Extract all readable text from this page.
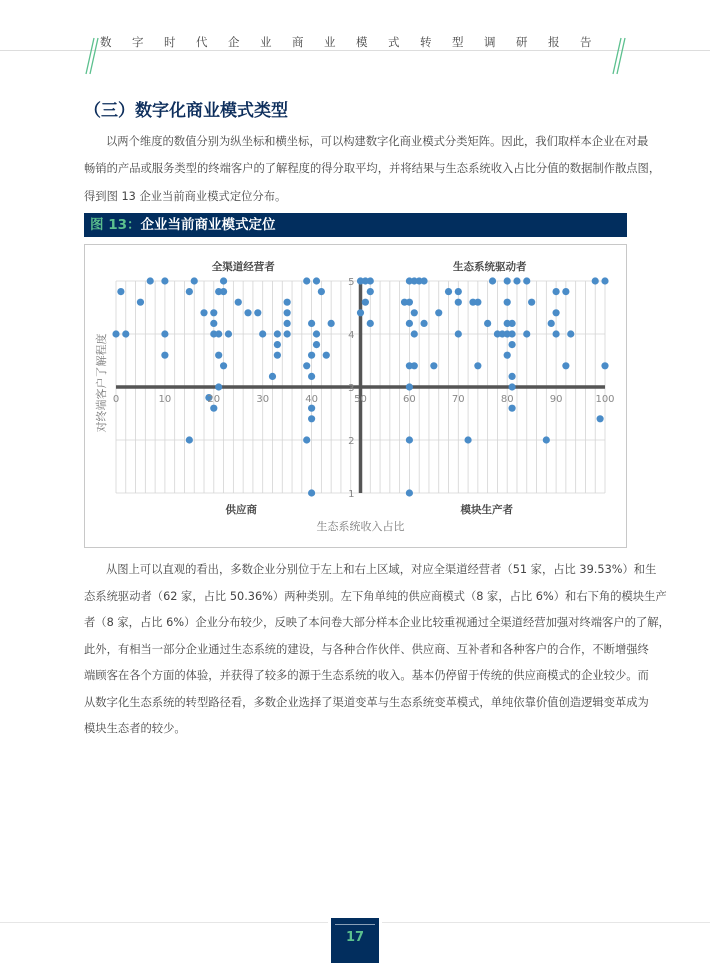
数字时代企业商业模式转型调研报告
（三）数字化商业模式类型
以两个维度的数值分别为纵坐标和横坐标，可以构建数字化商业模式分类矩阵。因此，我们取样本企业在对最
畅销的产品或服务类型的终端客户的了解程度的得分取平均，并将结果与生态系统收入占比分值的数据制作散点图，
得到图 13 企业当前商业模式定位分布。
图 13：企业当前商业模式定位
0	10	20	30	40	50	60	70	80	90	100
1
2
3
4
5
全渠道经营者	生态系统驱动者
供应商	模块生产者
生态系统收入占比
对终端客户了解程度
从图上可以直观的看出，多数企业分别位于左上和右上区域，对应全渠道经营者（51 家，占比 39.53%）和生
态系统驱动者（62 家，占比 50.36%）两种类别。左下角单纯的供应商模式（8 家，占比 6%）和右下角的模块生产
者（8 家，占比 6%）企业分布较少，反映了本问卷大部分样本企业比较重视通过全渠道经营加强对终端客户的了解，
此外，有相当一部分企业通过生态系统的建设，与各种合作伙伴、供应商、互补者和各种客户的合作，不断增强终
端顾客在各个方面的体验，并获得了较多的源于生态系统的收入。基本仍停留于传统的供应商模式的企业较少。而
从数字化生态系统的转型路径看，多数企业选择了渠道变革与生态系统变革模式，单纯依靠价值创造逻辑变革成为
模块生态者的较少。
17
